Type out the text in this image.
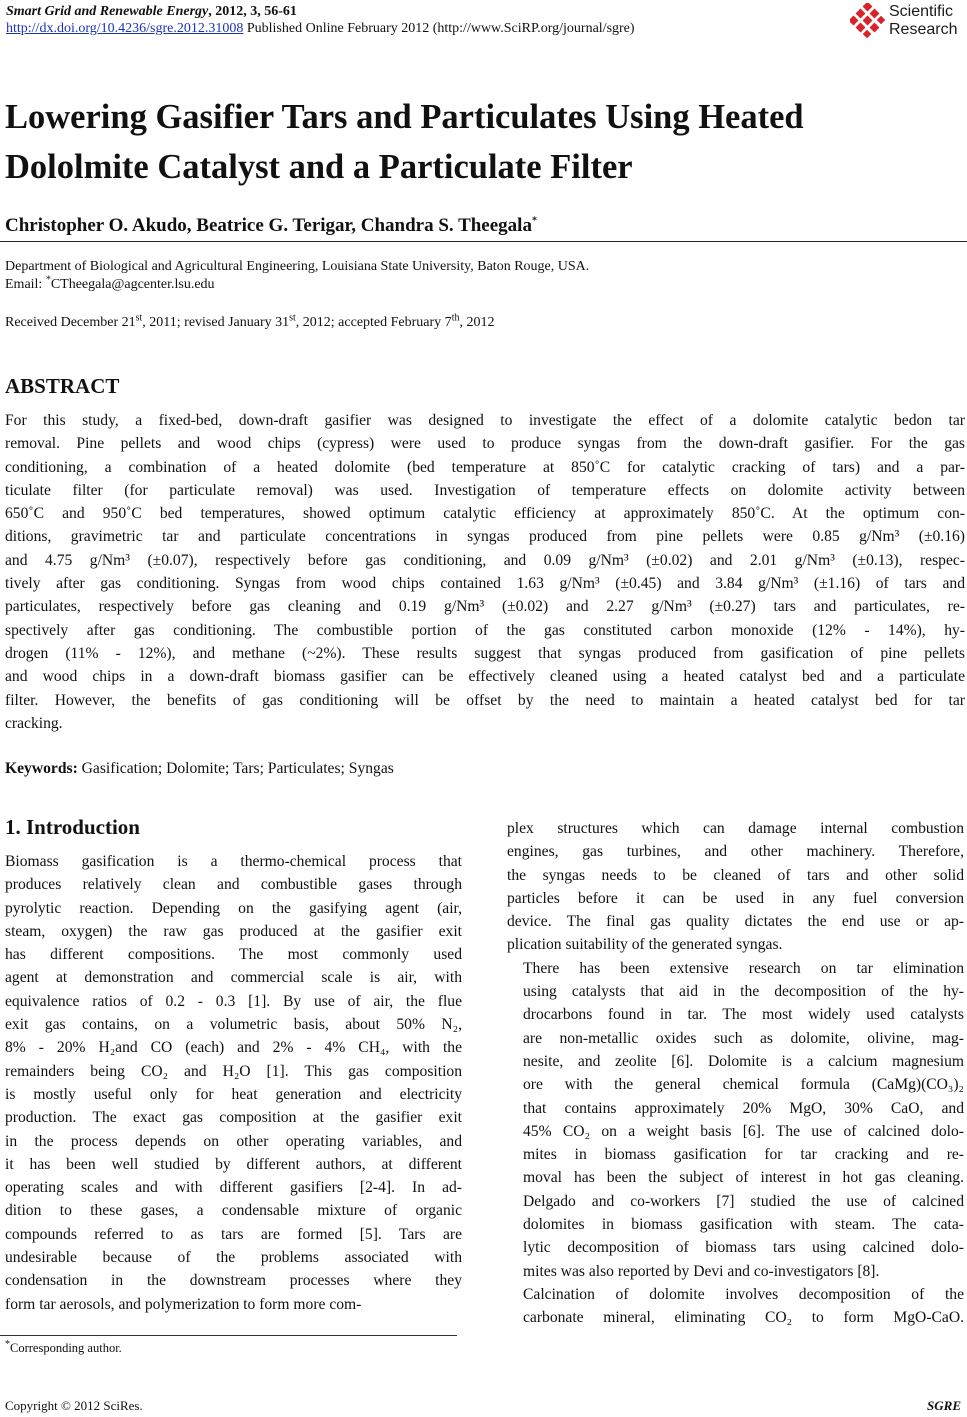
Smart Grid and Renewable Energy, 2012, 3, 56-61
http://dx.doi.org/10.4236/sgre.2012.31008 Published Online February 2012 (http://www.SciRP.org/journal/sgre)
Scientific
Research
Lowering Gasifier Tars and Particulates Using Heated
Dololmite Catalyst and a Particulate Filter
Christopher O. Akudo, Beatrice G. Terigar, Chandra S. Theegala*
Department of Biological and Agricultural Engineering, Louisiana State University, Baton Rouge, USA.
Email: *CTheegala@agcenter.lsu.edu
Received December 21st, 2011; revised January 31st, 2012; accepted February 7th, 2012
ABSTRACT
For this study, a fixed-bed, down-draft gasifier was designed to investigate the effect of a dolomite catalytic bedon tar
removal. Pine pellets and wood chips (cypress) were used to produce syngas from the down-draft gasifier. For the gas
conditioning, a combination of a heated dolomite (bed temperature at 850˚C for catalytic cracking of tars) and a par-
ticulate filter (for particulate removal) was used. Investigation of temperature effects on dolomite activity between
650˚C and 950˚C bed temperatures, showed optimum catalytic efficiency at approximately 850˚C. At the optimum con-
ditions, gravimetric tar and particulate concentrations in syngas produced from pine pellets were 0.85 g/Nm³ (±0.16)
and 4.75 g/Nm³ (±0.07), respectively before gas conditioning, and 0.09 g/Nm³ (±0.02) and 2.01 g/Nm³ (±0.13), respec-
tively after gas conditioning. Syngas from wood chips contained 1.63 g/Nm³ (±0.45) and 3.84 g/Nm³ (±1.16) of tars and
particulates, respectively before gas cleaning and 0.19 g/Nm³ (±0.02) and 2.27 g/Nm³ (±0.27) tars and particulates, re-
spectively after gas conditioning. The combustible portion of the gas constituted carbon monoxide (12% - 14%), hy-
drogen (11% - 12%), and methane (~2%). These results suggest that syngas produced from gasification of pine pellets
and wood chips in a down-draft biomass gasifier can be effectively cleaned using a heated catalyst bed and a particulate
filter. However, the benefits of gas conditioning will be offset by the need to maintain a heated catalyst bed for tar
cracking.
Keywords: Gasification; Dolomite; Tars; Particulates; Syngas
1. Introduction
Biomass gasification is a thermo-chemical process that
produces relatively clean and combustible gases through
pyrolytic reaction. Depending on the gasifying agent (air,
steam, oxygen) the raw gas produced at the gasifier exit
has different compositions. The most commonly used
agent at demonstration and commercial scale is air, with
equivalence ratios of 0.2 - 0.3 [1]. By use of air, the flue
exit gas contains, on a volumetric basis, about 50% N₂,
8% - 20% H₂and CO (each) and 2% - 4% CH₄, with the
remainders being CO₂ and H₂O [1]. This gas composition
is mostly useful only for heat generation and electricity
production. The exact gas composition at the gasifier exit
in the process depends on other operating variables, and
it has been well studied by different authors, at different
operating scales and with different gasifiers [2-4]. In ad-
dition to these gases, a condensable mixture of organic
compounds referred to as tars are formed [5]. Tars are
undesirable because of the problems associated with
condensation in the downstream processes where they
form tar aerosols, and polymerization to form more com-
plex structures which can damage internal combustion
engines, gas turbines, and other machinery. Therefore,
the syngas needs to be cleaned of tars and other solid
particles before it can be used in any fuel conversion
device. The final gas quality dictates the end use or ap-
plication suitability of the generated syngas.
There has been extensive research on tar elimination
using catalysts that aid in the decomposition of the hy-
drocarbons found in tar. The most widely used catalysts
are non-metallic oxides such as dolomite, olivine, mag-
nesite, and zeolite [6]. Dolomite is a calcium magnesium
ore with the general chemical formula (CaMg)(CO₃)₂
that contains approximately 20% MgO, 30% CaO, and
45% CO₂ on a weight basis [6]. The use of calcined dolo-
mites in biomass gasification for tar cracking and re-
moval has been the subject of interest in hot gas cleaning.
Delgado and co-workers [7] studied the use of calcined
dolomites in biomass gasification with steam. The cata-
lytic decomposition of biomass tars using calcined dolo-
mites was also reported by Devi and co-investigators [8].
Calcination of dolomite involves decomposition of the
carbonate mineral, eliminating CO₂ to form MgO-CaO.
*Corresponding author.
Copyright © 2012 SciRes.	SGRE
